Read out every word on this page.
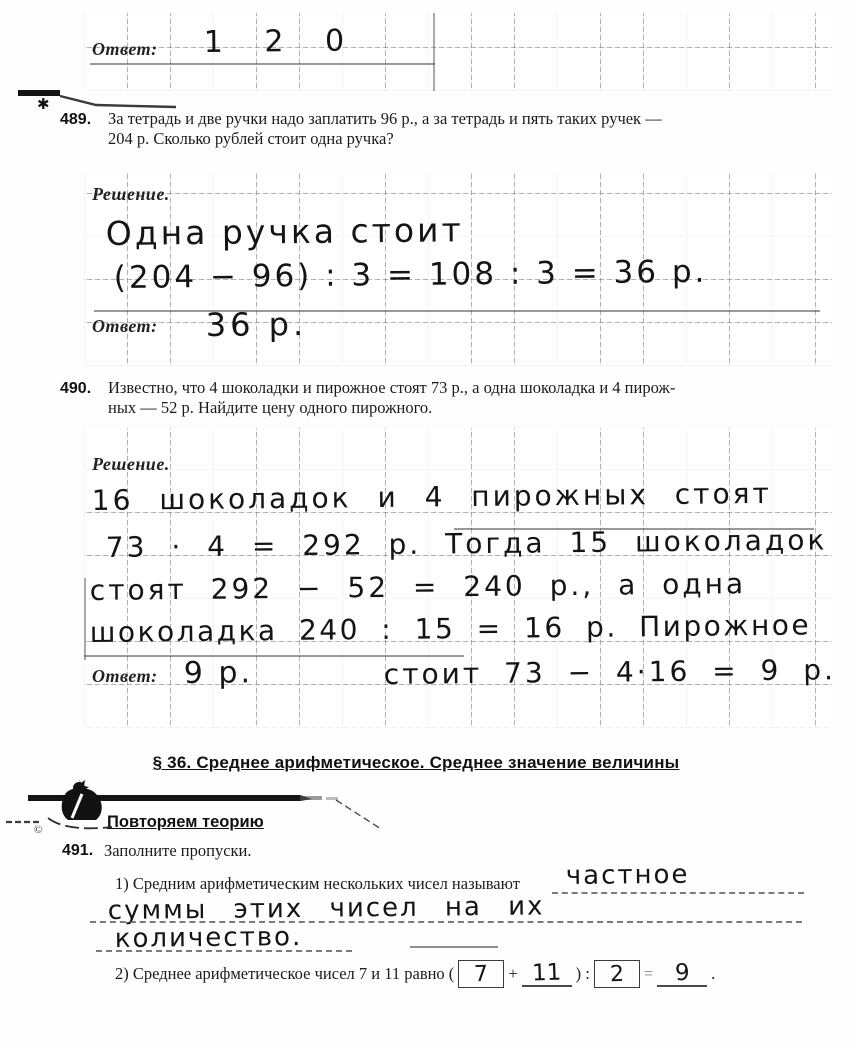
Ответ: 1 2 0
✱
489. За тетрадь и две ручки надо заплатить 96 р., а за тетрадь и пять таких ручек —
204 р. Сколько рублей стоит одна ручка?
Решение.
Одна ручка стоит
(204 − 96) : 3 = 108 : 3 = 36 р.
Ответ: 36 р.
490. Известно, что 4 шоколадки и пирожное стоят 73 р., а одна шоколадка и 4 пирож-
ных — 52 р. Найдите цену одного пирожного.
Решение.
16 шоколадок и 4 пирожных стоят
73 · 4 = 292 р. Тогда 15 шоколадок
стоят 292 − 52 = 240 р., а одна
шоколадка 240 : 15 = 16 р. Пирожное
Ответ: 9 р.	стоит 73 − 4·16 = 9 р.
§ 36. Среднее арифметическое. Среднее значение величины
Повторяем теорию
©
491. Заполните пропуски.
1) Средним арифметическим нескольких чисел называют частное
суммы этих чисел на их
количество.
2) Среднее арифметическое чисел 7 и 11 равно ( 7 + 11 ) : 2 = 9 .
